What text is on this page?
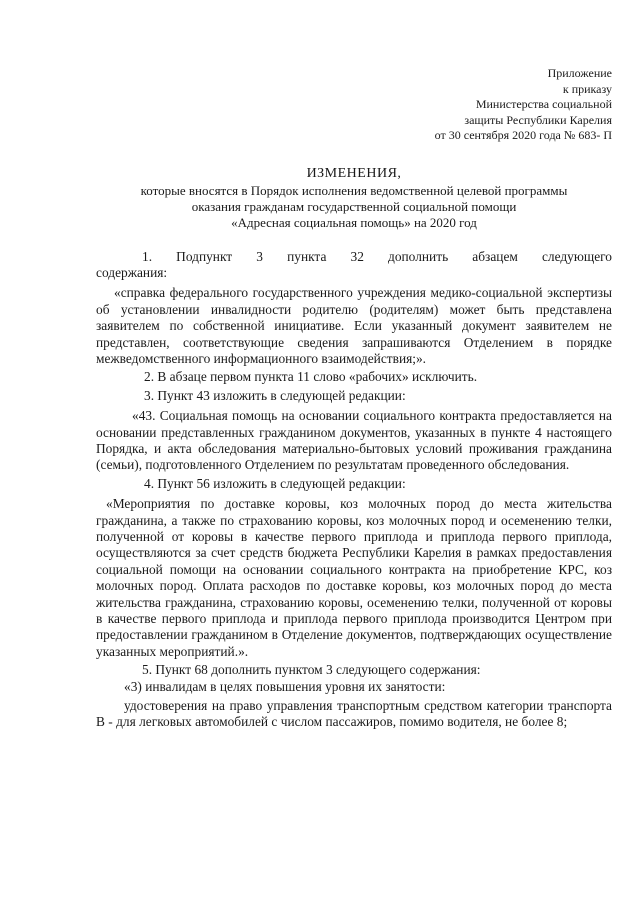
Приложение
к приказу
Министерства социальной
защиты Республики Карелия
от 30 сентября 2020 года № 683- П
ИЗМЕНЕНИЯ,
которые вносятся в Порядок исполнения ведомственной целевой программы
оказания гражданам государственной социальной помощи
«Адресная социальная помощь» на 2020 год

1. Подпункт 3 пункта 32 дополнить абзацем следующего содержания:

«справка федерального государственного учреждения медико-социальной экспертизы об установлении инвалидности родителю (родителям) может быть представлена заявителем по собственной инициативе. Если указанный документ заявителем не представлен, соответствующие сведения запрашиваются Отделением в порядке межведомственного информационного взаимодействия;».

2. В абзаце первом пункта 11 слово «рабочих» исключить.

3. Пункт 43 изложить в следующей редакции:

«43. Социальная помощь на основании социального контракта предоставляется на основании представленных гражданином документов, указанных в пункте 4 настоящего Порядка, и акта обследования материально-бытовых условий проживания гражданина (семьи), подготовленного Отделением по результатам проведенного обследования.

4. Пункт 56 изложить в следующей редакции:

«Мероприятия по доставке коровы, коз молочных пород до места жительства гражданина, а также по страхованию коровы, коз молочных пород и осеменению телки, полученной от коровы в качестве первого приплода и приплода первого приплода, осуществляются за счет средств бюджета Республики Карелия в рамках предоставления социальной помощи на основании социального контракта на приобретение КРС, коз молочных пород. Оплата расходов по доставке коровы, коз молочных пород до места жительства гражданина, страхованию коровы, осеменению телки, полученной от коровы в качестве первого приплода и приплода первого приплода производится Центром при предоставлении гражданином в Отделение документов, подтверждающих осуществление указанных мероприятий.».

5. Пункт 68 дополнить пунктом 3 следующего содержания:

«3) инвалидам в целях повышения уровня их занятости:

удостоверения на право управления транспортным средством категории транспорта В - для легковых автомобилей с числом пассажиров, помимо водителя, не более 8;
